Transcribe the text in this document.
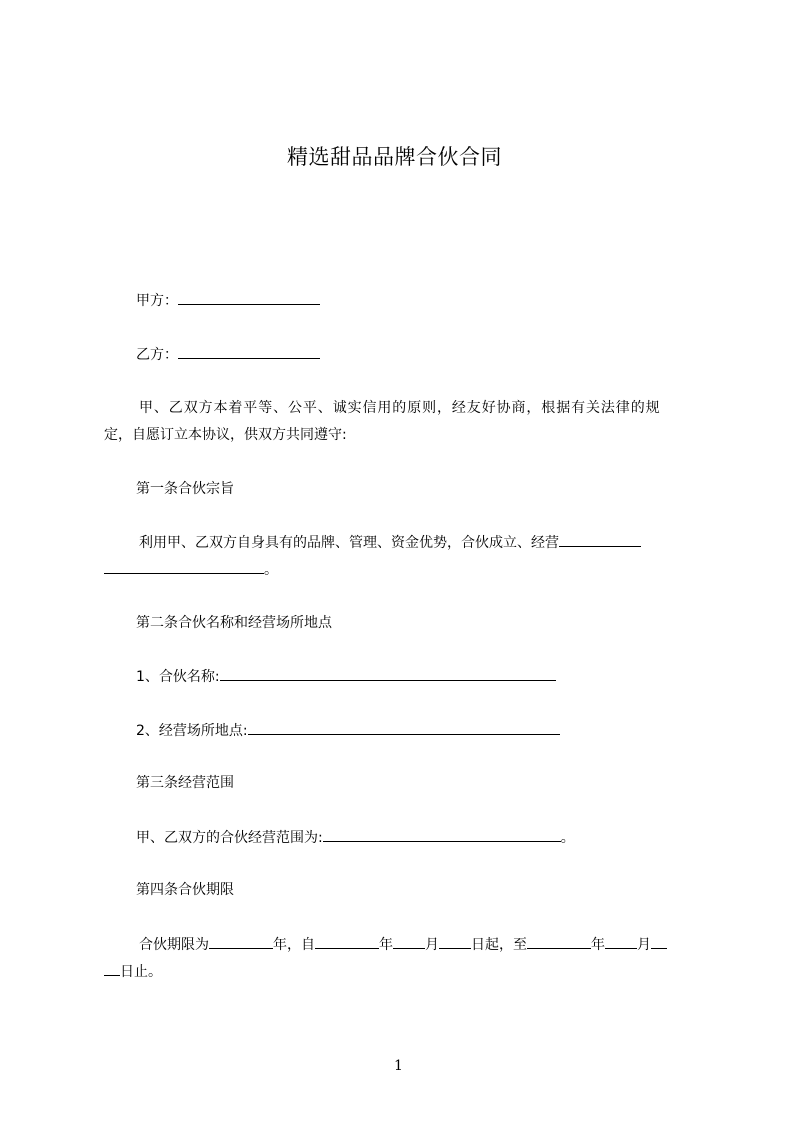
精选甜品品牌合伙合同
甲方：
乙方：
甲、乙双方本着平等、公平、诚实信用的原则，经友好协商，根据有关法律的规
定，自愿订立本协议，供双方共同遵守:
第一条合伙宗旨
利用甲、乙双方自身具有的品牌、管理、资金优势，合伙成立、经营
。
第二条合伙名称和经营场所地点
1、合伙名称:
2、经营场所地点:
第三条经营范围
甲、乙双方的合伙经营范围为:	。
第四条合伙期限
合伙期限为	年，自	年 月 日起，至	年 月
日止。
1
